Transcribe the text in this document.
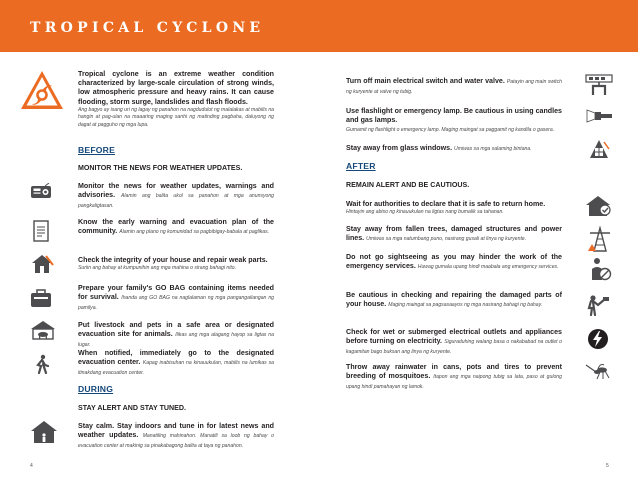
TROPICAL CYCLONE
Tropical cyclone is an extreme weather condition characterized by large-scale circulation of strong winds, low atmospheric pressure and heavy rains. It can cause flooding, storm surge, landslides and flash floods.
Ang bagyo ay isang uri ng lagay ng panahon na nagdudulot ng malalakas at mabilis na hangin at pag-ulan na maaaring maging sanhi ng matinding pagbaha, daluyong ng dagat at pagguho ng mga lupa.
BEFORE
MONITOR THE NEWS FOR WEATHER UPDATES.
Monitor the news for weather updates, warnings and advisories. Alamin ang balita ukol sa panahon at mga anunsyong pangkaligtasan.
Know the early warning and evacuation plan of the community. Alamin ang plano ng komunidad sa pagbibigay-babala at paglikas.
Check the integrity of your house and repair weak parts.
Suriin ang bahay at kumpunihin ang mga mahina o sirang bahagi nito.
Prepare your family's GO BAG containing items needed for survival. Ihanda ang GO BAG na naglalaman ng mga pangangailangan ng pamilya.
Put livestock and pets in a safe area or designated evacuation site for animals. Ilikas ang mga alagang hayop sa ligtas na lugar.
When notified, immediately go to the designated evacuation center. Kapag inabisuhan na kinauukulan, mabilis na lumikas sa itinakdang evacuation center.
DURING
STAY ALERT AND STAY TUNED.
Stay calm. Stay indoors and tune in for latest news and weather updates. Manatiling mahinahon. Manatili sa loob ng bahay o evacuation center at makinig sa pinakabagong balita at taya ng panahon.
Turn off main electrical switch and water valve. Patayin ang main switch ng kuryente at valve ng tubig.
Use flashlight or emergency lamp. Be cautious in using candles and gas lamps.
Gumamit ng flashlight o emergency lamp. Maging maingat sa paggamit ng kandila o gasera.
Stay away from glass windows. Umiwas sa mga salaming bintana.
AFTER
REMAIN ALERT AND BE CAUTIOUS.
Wait for authorities to declare that it is safe to return home.
Hintayin ang abiso ng kinauukulan na ligtas nang bumalik sa tahanan.
Stay away from fallen trees, damaged structures and power lines. Umiwas sa mga natumbang puno, nasirang gusali at linya ng kuryente.
Do not go sightseeing as you may hinder the work of the emergency services. Huwag gumala upang hindi maabala ang emergency services.
Be cautious in checking and repairing the damaged parts of your house. Maging maingat sa pagsasaayos ng mga nasirang bahagi ng bahay.
Check for wet or submerged electrical outlets and appliances before turning on electricity. Siguraduhing walang basa o nakababad na outlet o kagamitan bago buksan ang linya ng kuryente.
Throw away rainwater in cans, pots and tires to prevent breeding of mosquitoes. Itapon ang mga naipong tubig sa lata, paso at gulong upang hindi pamahayan ng lamok.
4	5
